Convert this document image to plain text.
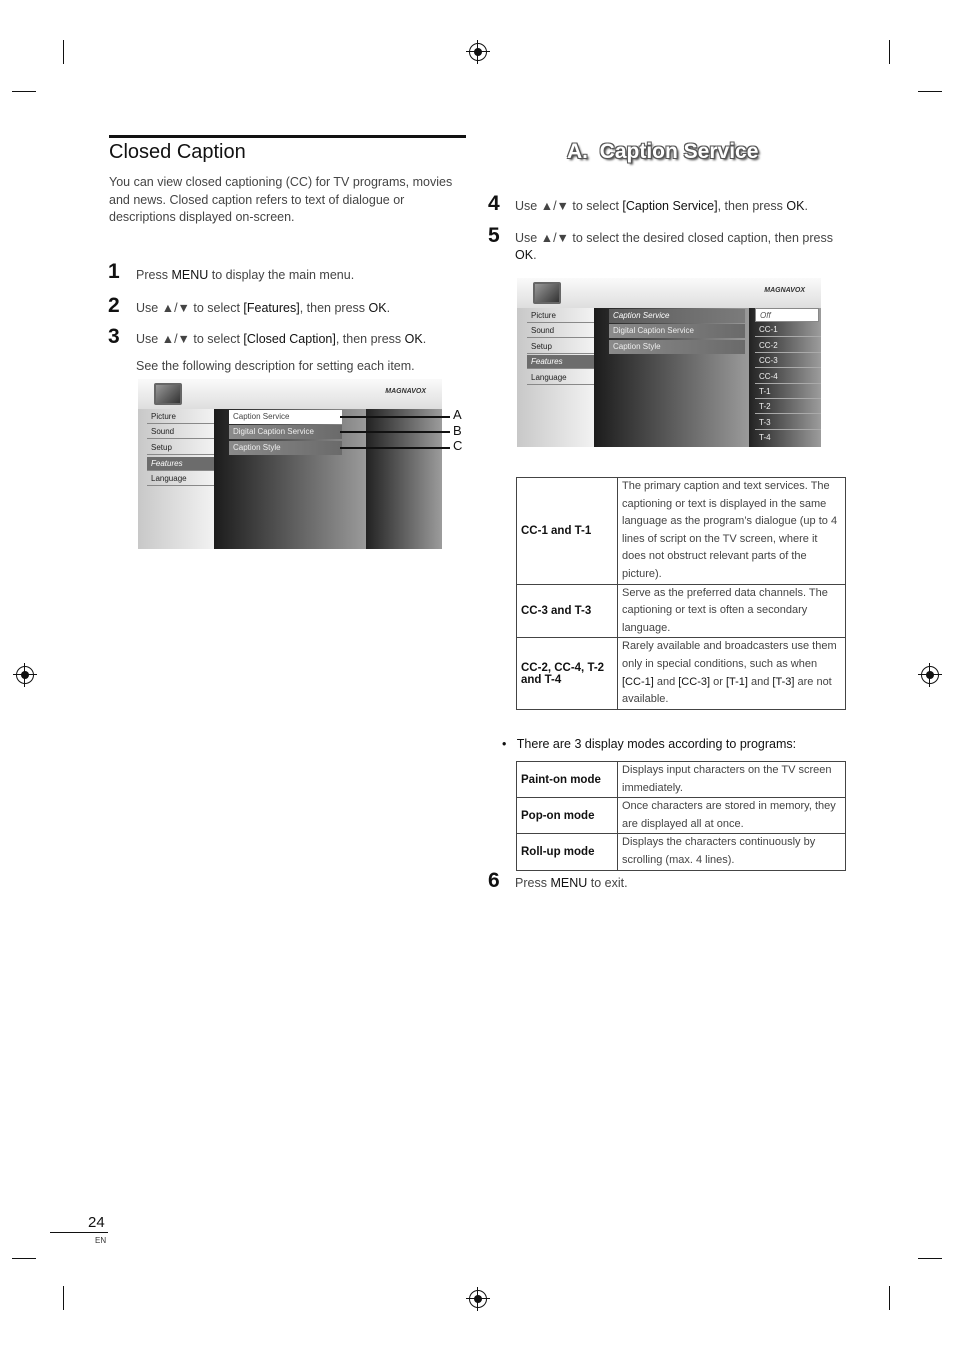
Closed Caption
You can view closed captioning (CC) for TV programs, movies and news. Closed caption refers to text of dialogue or descriptions displayed on-screen.
1 Press MENU to display the main menu.
2 Use ▲/▼ to select [Features], then press OK.
3 Use ▲/▼ to select [Closed Caption], then press OK.
See the following description for setting each item.
MAGNAVOX
Picture
Sound
Setup
Features
Language
Caption Service
Digital Caption Service
Caption Style
A
B
C
A.  Caption Service
4 Use ▲/▼ to select [Caption Service], then press OK.
5 Use ▲/▼ to select the desired closed caption, then press OK.
MAGNAVOX
Picture
Sound
Setup
Features
Language
Caption Service
Digital Caption Service
Caption Style
Off
CC-1
CC-2
CC-3
CC-4
T-1
T-2
T-3
T-4
CC-1 and T-1	The primary caption and text services. The captioning or text is displayed in the same language as the program’s dialogue (up to 4 lines of script on the TV screen, where it does not obstruct relevant parts of the picture).
CC-3 and T-3	Serve as the preferred data channels. The captioning or text is often a secondary language.
CC-2, CC-4, T-2 and T-4	Rarely available and broadcasters use them only in special conditions, such as when [CC-1] and [CC-3] or [T-1] and [T-3] are not available.
•   There are 3 display modes according to programs:
Paint-on mode	Displays input characters on the TV screen immediately.
Pop-on mode	Once characters are stored in memory, they are displayed all at once.
Roll-up mode	Displays the characters continuously by scrolling (max. 4 lines).
6 Press MENU to exit.
24
EN
